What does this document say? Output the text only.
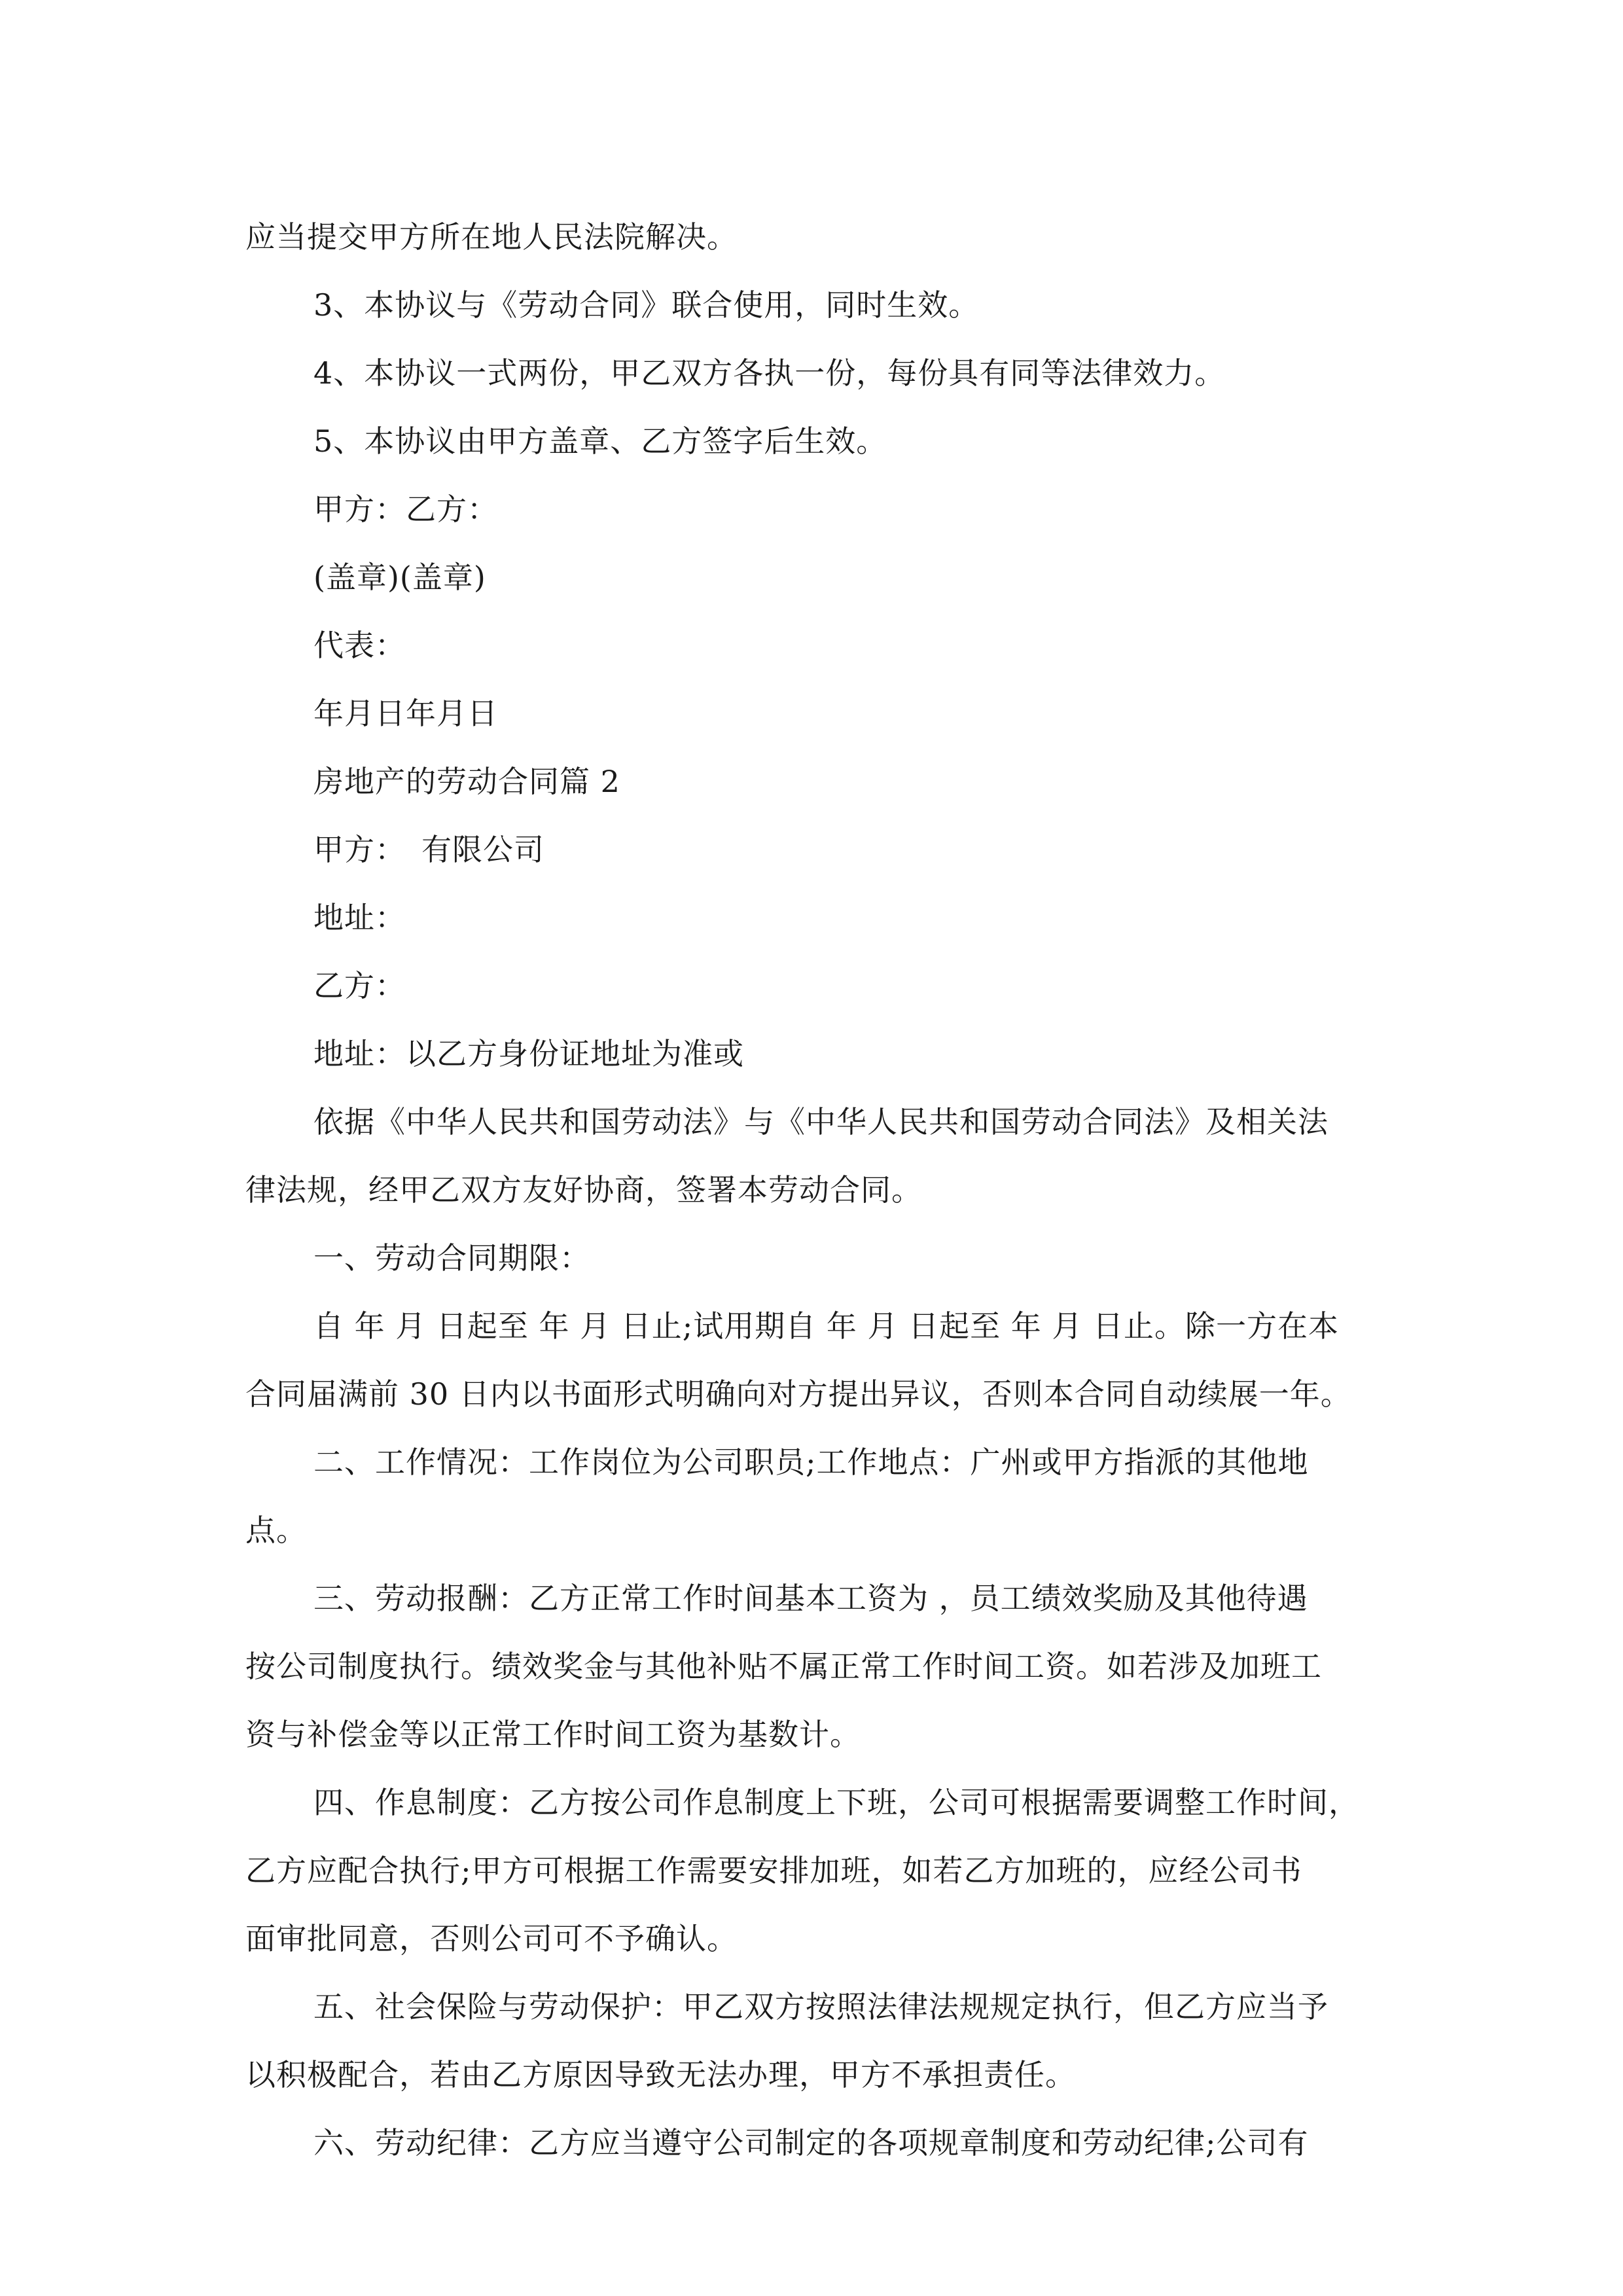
应当提交甲方所在地人民法院解决。
3、本协议与《劳动合同》联合使用，同时生效。
4、本协议一式两份，甲乙双方各执一份，每份具有同等法律效力。
5、本协议由甲方盖章、乙方签字后生效。
甲方：乙方：
(盖章)(盖章)
代表：
年月日年月日
房地产的劳动合同篇 2
甲方：　有限公司
地址：
乙方：
地址：以乙方身份证地址为准或
依据《中华人民共和国劳动法》与《中华人民共和国劳动合同法》及相关法
律法规，经甲乙双方友好协商，签署本劳动合同。
一、劳动合同期限：
自 年 月 日起至 年 月 日止;试用期自 年 月 日起至 年 月 日止。除一方在本
合同届满前 30 日内以书面形式明确向对方提出异议，否则本合同自动续展一年。
二、工作情况：工作岗位为公司职员;工作地点：广州或甲方指派的其他地
点。
三、劳动报酬：乙方正常工作时间基本工资为 ，员工绩效奖励及其他待遇
按公司制度执行。绩效奖金与其他补贴不属正常工作时间工资。如若涉及加班工
资与补偿金等以正常工作时间工资为基数计。
四、作息制度：乙方按公司作息制度上下班，公司可根据需要调整工作时间，
乙方应配合执行;甲方可根据工作需要安排加班，如若乙方加班的，应经公司书
面审批同意，否则公司可不予确认。
五、社会保险与劳动保护：甲乙双方按照法律法规规定执行，但乙方应当予
以积极配合，若由乙方原因导致无法办理，甲方不承担责任。
六、劳动纪律：乙方应当遵守公司制定的各项规章制度和劳动纪律;公司有
